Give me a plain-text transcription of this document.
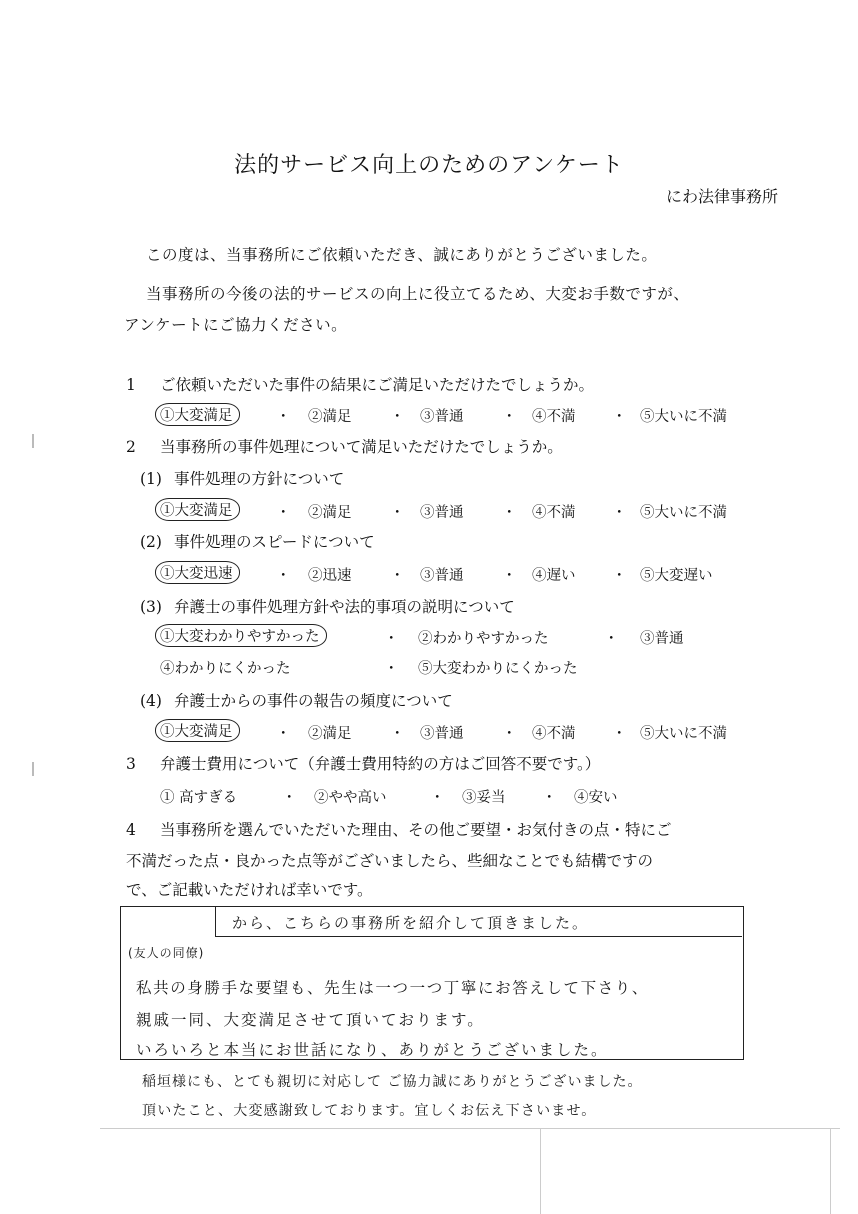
法的サービス向上のためのアンケート
にわ法律事務所
この度は、当事務所にご依頼いただき、誠にありがとうございました。
当事務所の今後の法的サービスの向上に役立てるため、大変お手数ですが、
アンケートにご協力ください。
1 ご依頼いただいた事件の結果にご満足いただけたでしょうか。
①大変満足	・ ②満足	・ ③普通	・ ④不満	・ ⑤大いに不満
2 当事務所の事件処理について満足いただけたでしょうか。
(1) 事件処理の方針について
①大変満足	・ ②満足	・ ③普通	・ ④不満	・ ⑤大いに不満
(2) 事件処理のスピードについて
①大変迅速	・ ②迅速	・ ③普通	・ ④遅い	・ ⑤大変遅い
(3) 弁護士の事件処理方針や法的事項の説明について
①大変わかりやすかった	・ ②わかりやすかった	・ ③普通
④わかりにくかった	・ ⑤大変わかりにくかった
(4) 弁護士からの事件の報告の頻度について
①大変満足	・ ②満足	・ ③普通	・ ④不満	・ ⑤大いに不満
3 弁護士費用について（弁護士費用特約の方はご回答不要です。）
① 高すぎる	・ ②やや高い	・ ③妥当	・ ④安い
4 当事務所を選んでいただいた理由、その他ご要望・お気付きの点・特にご
不満だった点・良かった点等がございましたら、些細なことでも結構ですの
で、ご記載いただければ幸いです。
から、こちらの事務所を紹介して頂きました。
(友人の同僚)
私共の身勝手な要望も、先生は一つ一つ丁寧にお答えして下さり、
親戚一同、大変満足させて頂いております。
いろいろと本当にお世話になり、ありがとうございました。
稲垣様にも、とても親切に対応して ご協力誠にありがとうございました。
頂いたこと、大変感謝致しております。宜しくお伝え下さいませ。
